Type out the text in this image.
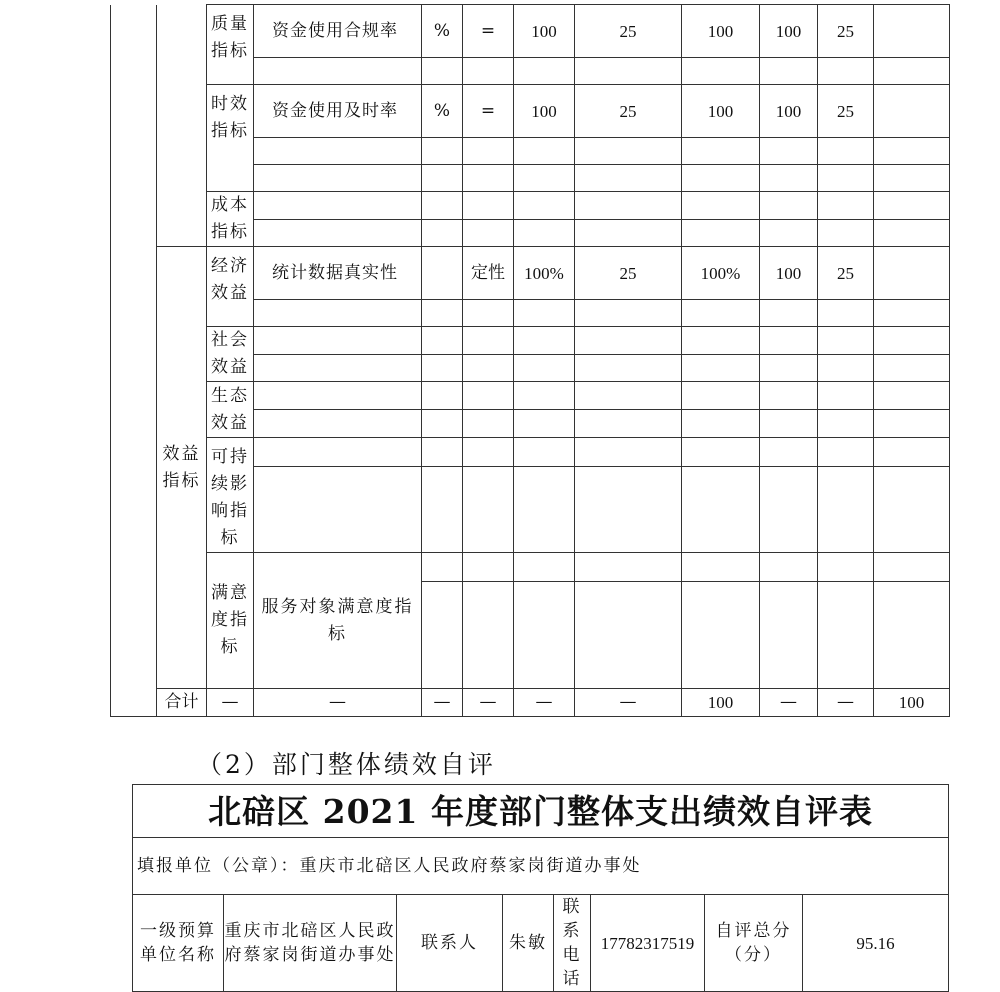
		质量指标	资金使用合规率	%	=	100	25	100	100	25		

		时效指标	资金使用及时率	%	=	100	25	100	100	25		

		成本指标										

	效益指标	经济效益	统计数据真实性		定性	100%	25	100%	100	25		

		社会效益										

		生态效益										

		可持续影响指标										

		满意度指标	服务对象满意度指标									

	合计	—	—	—	—	—	—	100	—	—	100	

（2）部门整体绩效自评

北碚区 2021 年度部门整体支出绩效自评表
填报单位（公章）：重庆市北碚区人民政府蔡家岗街道办事处
一级预算 单位名称	重庆市北碚区人民政府蔡家岗街道办事处	联系人	朱敏	联系电话	17782317519	自评总分（分）	95.16
